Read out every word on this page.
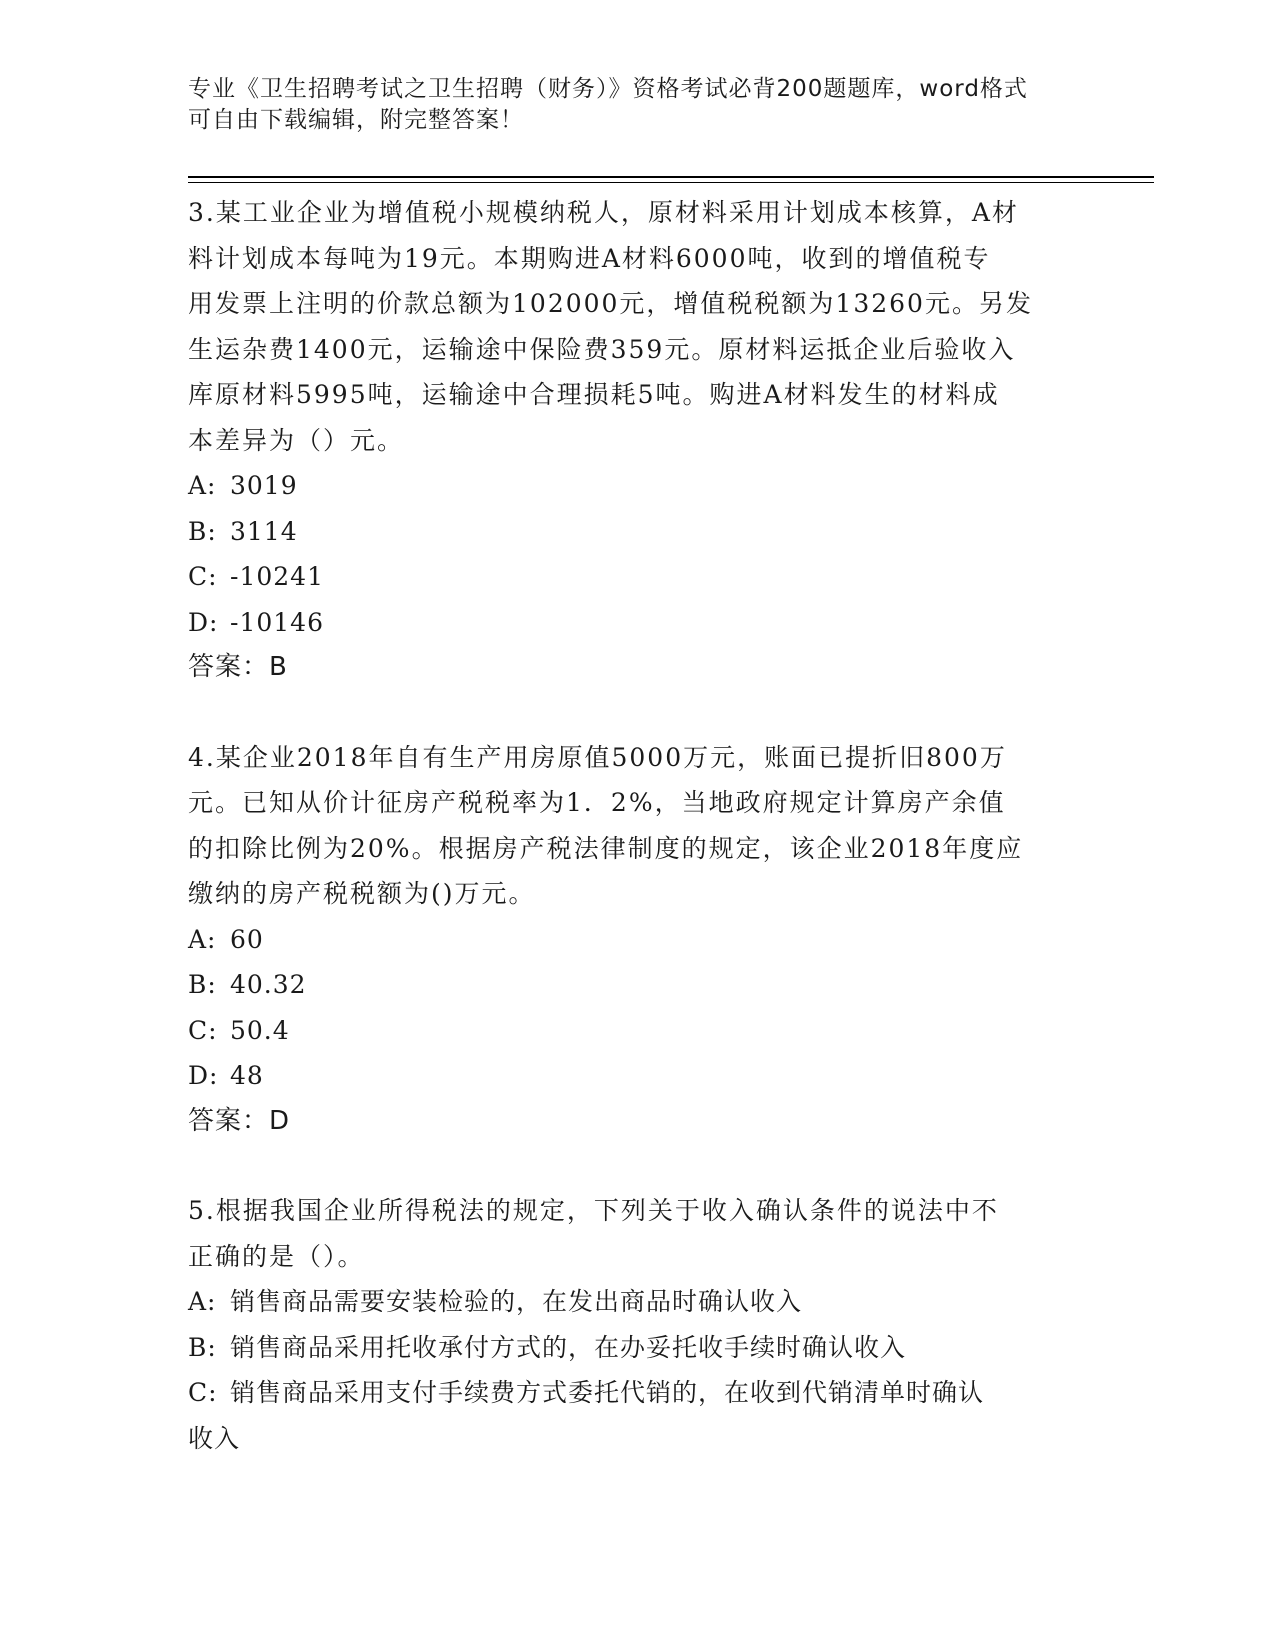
专业《卫生招聘考试之卫生招聘（财务）》资格考试必背200题题库，word格式
可自由下载编辑，附完整答案！
3.某工业企业为增值税小规模纳税人，原材料采用计划成本核算，A材
料计划成本每吨为19元。本期购进A材料6000吨，收到的增值税专
用发票上注明的价款总额为102000元，增值税税额为13260元。另发
生运杂费1400元，运输途中保险费359元。原材料运抵企业后验收入
库原材料5995吨，运输途中合理损耗5吨。购进A材料发生的材料成
本差异为（）元。
A: 3019
B: 3114
C: -10241
D: -10146
答案：B
4.某企业2018年自有生产用房原值5000万元，账面已提折旧800万
元。已知从价计征房产税税率为1．2%，当地政府规定计算房产余值
的扣除比例为20%。根据房产税法律制度的规定，该企业2018年度应
缴纳的房产税税额为()万元。
A: 60
B: 40.32
C: 50.4
D: 48
答案：D
5.根据我国企业所得税法的规定，下列关于收入确认条件的说法中不
正确的是（）。
A: 销售商品需要安装检验的，在发出商品时确认收入
B: 销售商品采用托收承付方式的，在办妥托收手续时确认收入
C: 销售商品采用支付手续费方式委托代销的，在收到代销清单时确认
收入
